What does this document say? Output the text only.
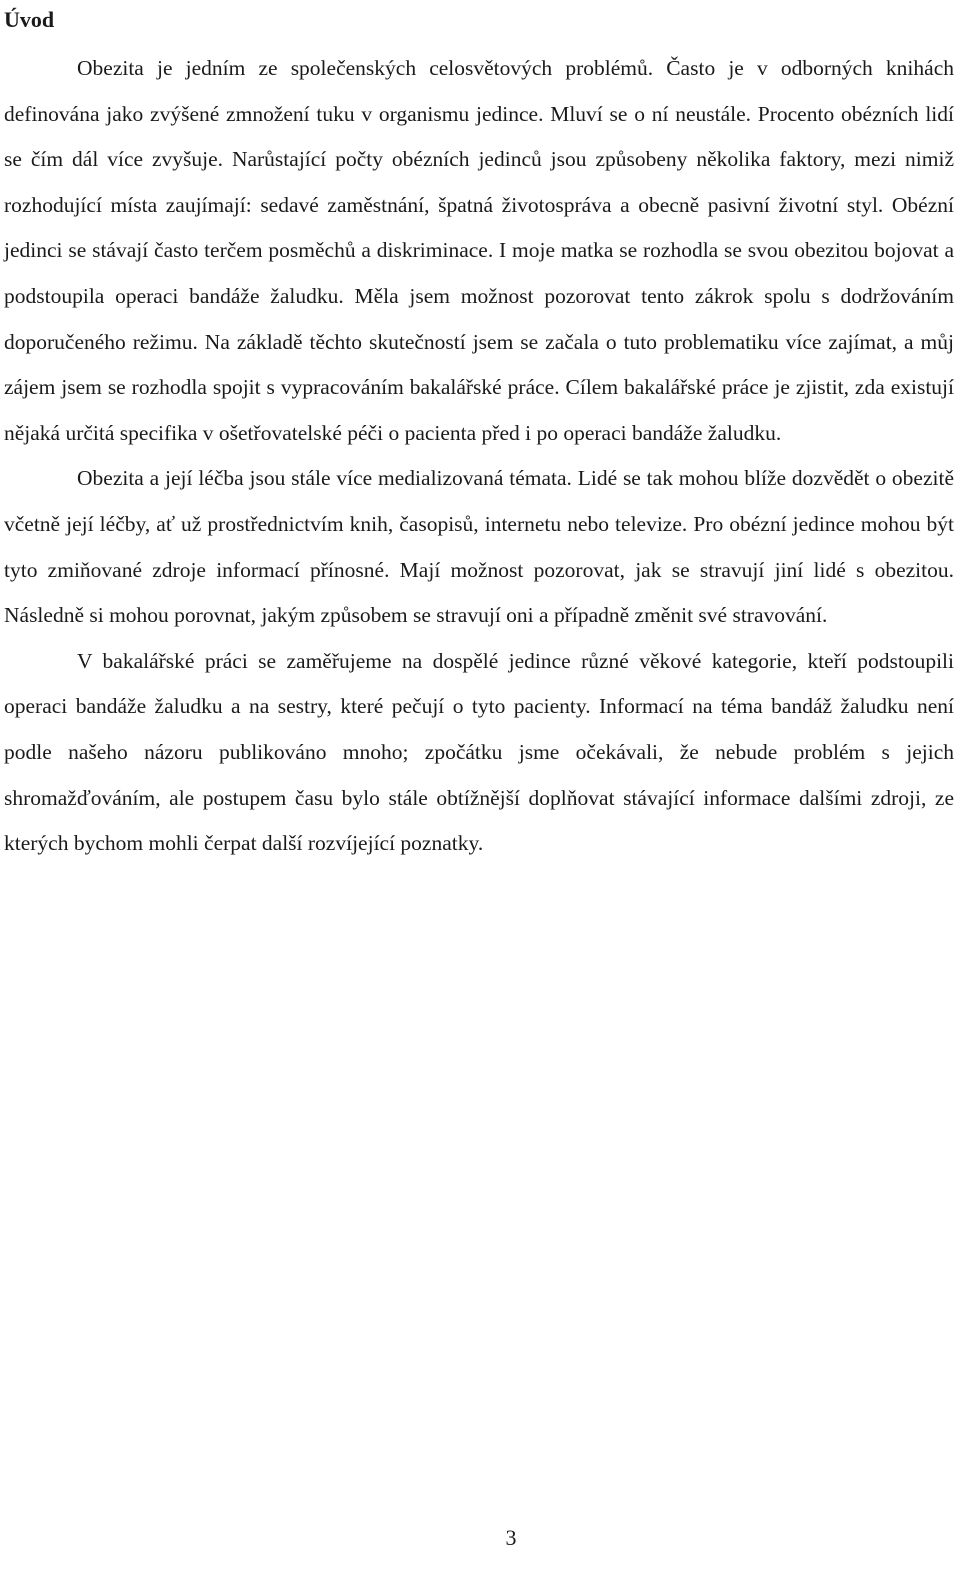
Úvod

Obezita je jedním ze společenských celosvětových problémů. Často je v odborných knihách definována jako zvýšené zmnožení tuku v organismu jedince. Mluví se o ní neustále. Procento obézních lidí se čím dál více zvyšuje. Narůstající počty obézních jedinců jsou způsobeny několika faktory, mezi nimiž rozhodující místa zaujímají: sedavé zaměstnání, špatná životospráva a obecně pasivní životní styl. Obézní jedinci se stávají často terčem posměchů a diskriminace. I moje matka se rozhodla se svou obezitou bojovat a podstoupila operaci bandáže žaludku. Měla jsem možnost pozorovat tento zákrok spolu s dodržováním doporučeného režimu. Na základě těchto skutečností jsem se začala o tuto problematiku více zajímat, a můj zájem jsem se rozhodla spojit s vypracováním bakalářské práce. Cílem bakalářské práce je zjistit, zda existují nějaká určitá specifika v ošetřovatelské péči o pacienta před i po operaci bandáže žaludku.

Obezita a její léčba jsou stále více medializovaná témata. Lidé se tak mohou blíže dozvědět o obezitě včetně její léčby, ať už prostřednictvím knih, časopisů, internetu nebo televize. Pro obézní jedince mohou být tyto zmiňované zdroje informací přínosné. Mají možnost pozorovat, jak se stravují jiní lidé s obezitou. Následně si mohou porovnat, jakým způsobem se stravují oni a případně změnit své stravování.

V bakalářské práci se zaměřujeme na dospělé jedince různé věkové kategorie, kteří podstoupili operaci bandáže žaludku a na sestry, které pečují o tyto pacienty. Informací na téma bandáž žaludku není podle našeho názoru publikováno mnoho; zpočátku jsme očekávali, že nebude problém s jejich shromažďováním, ale postupem času bylo stále obtížnější doplňovat stávající informace dalšími zdroji, ze kterých bychom mohli čerpat další rozvíjející poznatky.

3
